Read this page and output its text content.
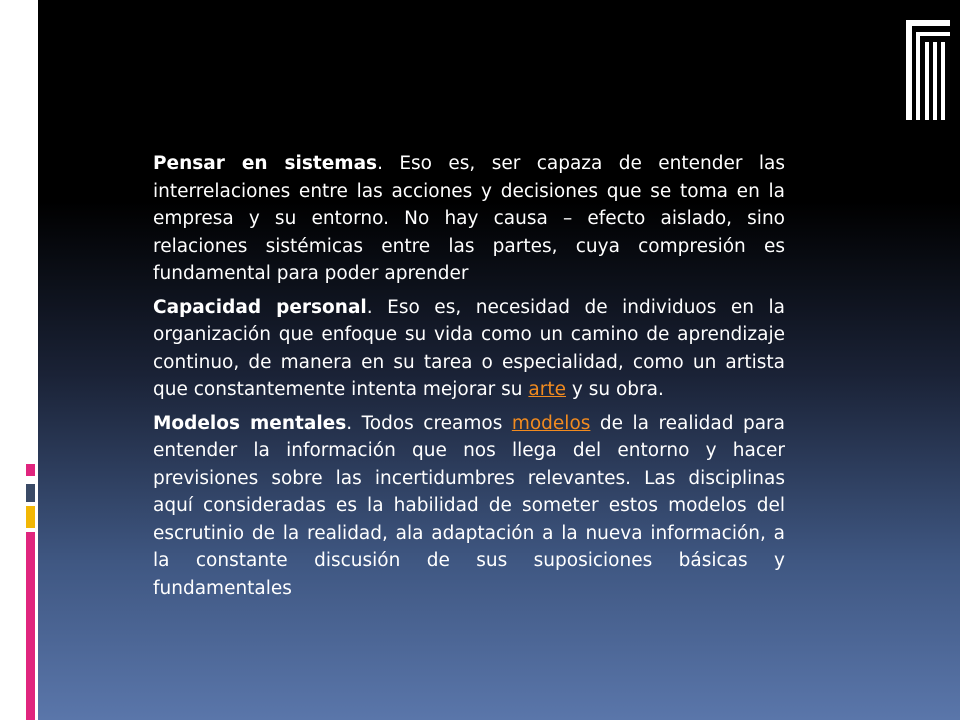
Pensar en sistemas. Eso es, ser capaza de entender las interrelaciones entre las acciones y decisiones que se toma en la empresa y su entorno. No hay causa – efecto aislado, sino relaciones sistémicas entre las partes, cuya compresión es fundamental para poder aprender

Capacidad personal. Eso es, necesidad de individuos en la organización que enfoque su vida como un camino de aprendizaje continuo, de manera en su tarea o especialidad, como un artista que constantemente intenta mejorar su arte y su obra.

Modelos mentales. Todos creamos modelos de la realidad para entender la información que nos llega del entorno y hacer previsiones sobre las incertidumbres relevantes. Las disciplinas aquí consideradas es la habilidad de someter estos modelos del escrutinio de la realidad, ala adaptación a la nueva información, a la constante discusión de sus suposiciones básicas y fundamentales
